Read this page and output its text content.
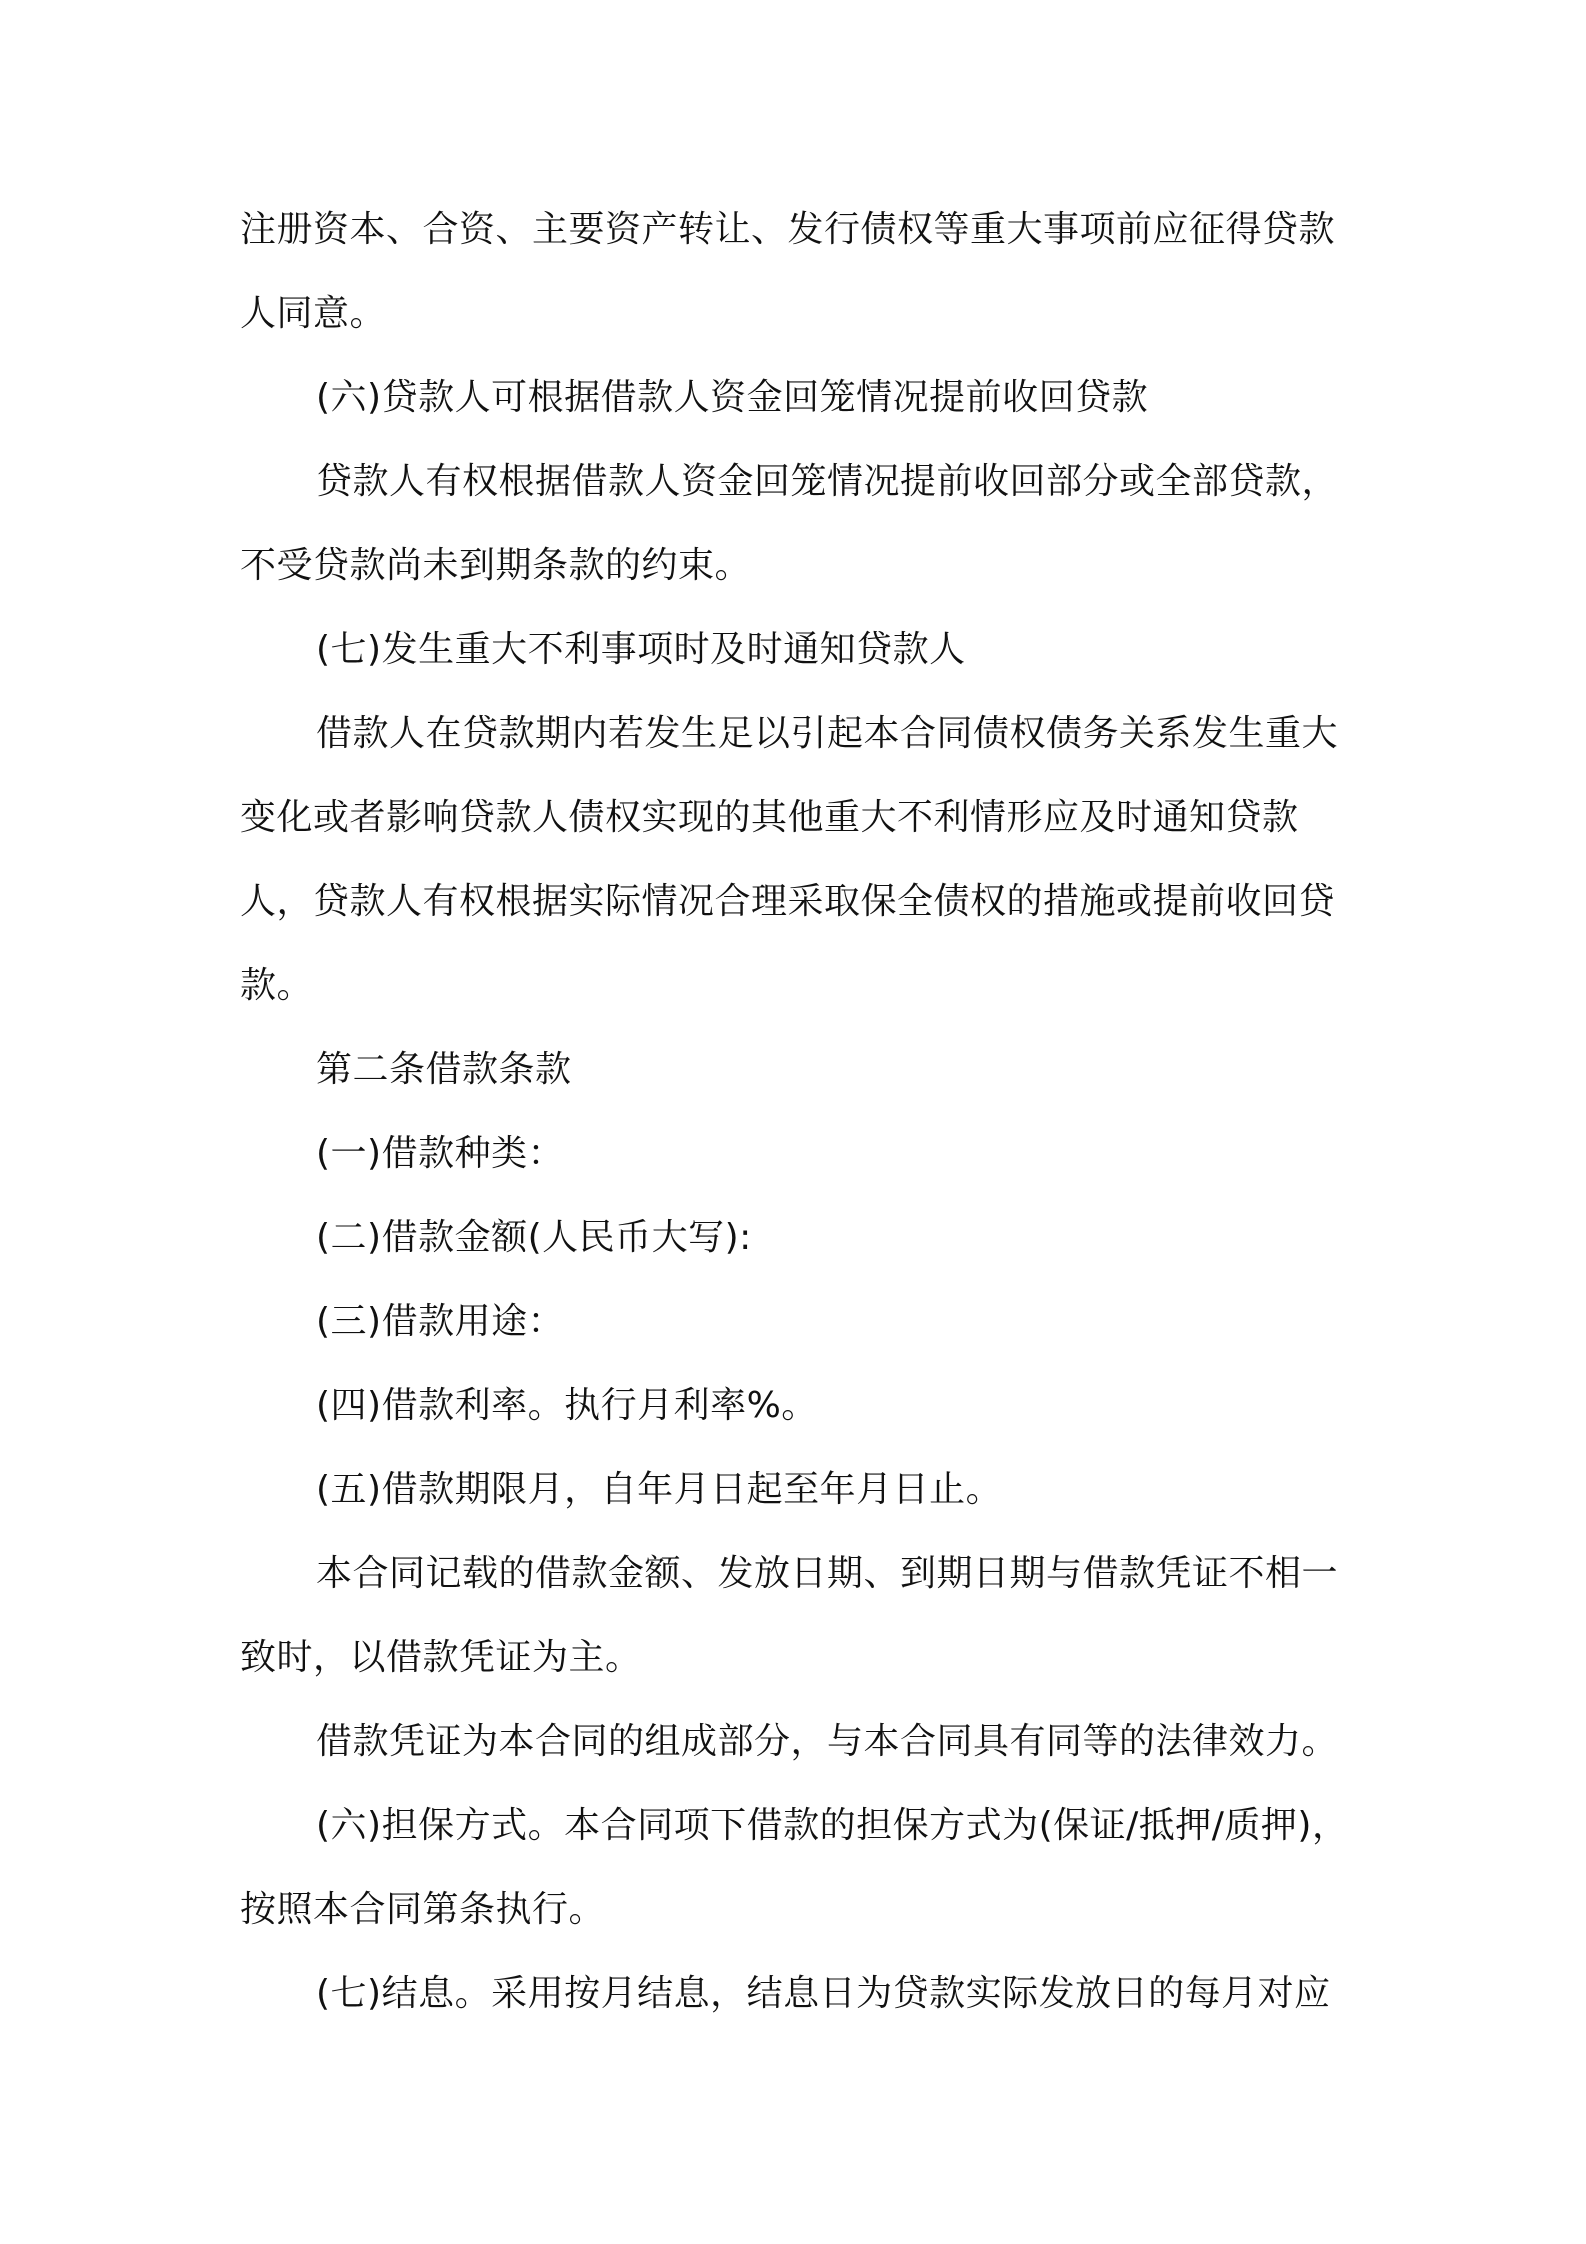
注册资本、合资、主要资产转让、发行债权等重大事项前应征得贷款人同意。

(六)贷款人可根据借款人资金回笼情况提前收回贷款

贷款人有权根据借款人资金回笼情况提前收回部分或全部贷款，不受贷款尚未到期条款的约束。

(七)发生重大不利事项时及时通知贷款人

借款人在贷款期内若发生足以引起本合同债权债务关系发生重大变化或者影响贷款人债权实现的其他重大不利情形应及时通知贷款人，贷款人有权根据实际情况合理采取保全债权的措施或提前收回贷款。

第二条借款条款

(一)借款种类：

(二)借款金额(人民币大写):

(三)借款用途：

(四)借款利率。执行月利率%。

(五)借款期限月，自年月日起至年月日止。

本合同记载的借款金额、发放日期、到期日期与借款凭证不相一致时，以借款凭证为主。

借款凭证为本合同的组成部分，与本合同具有同等的法律效力。

(六)担保方式。本合同项下借款的担保方式为(保证/抵押/质押)，按照本合同第条执行。

(七)结息。采用按月结息，结息日为贷款实际发放日的每月对应
